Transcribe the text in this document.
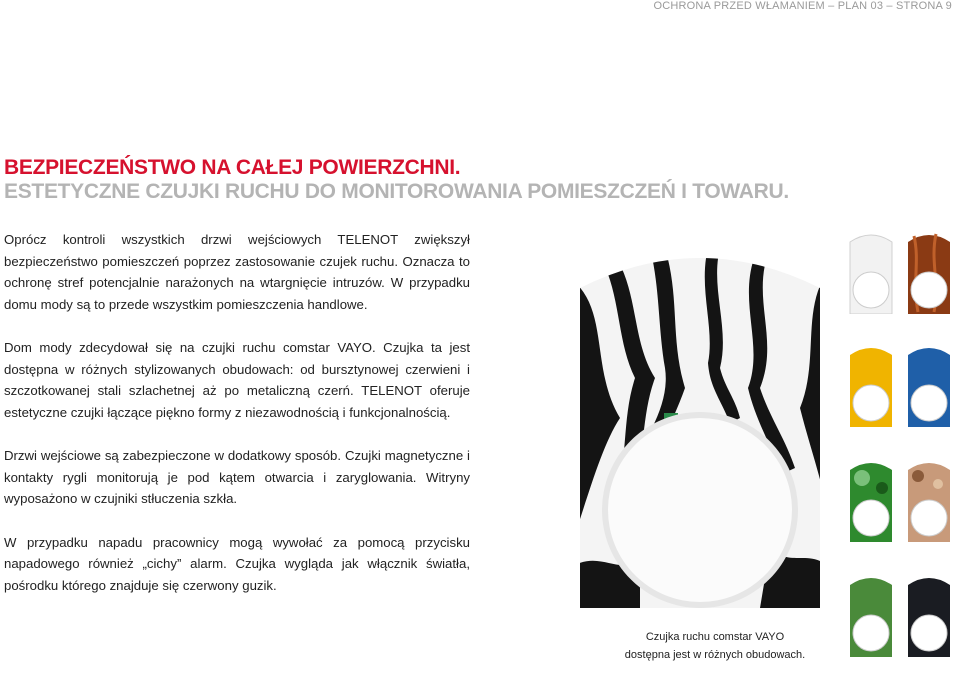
OCHRONA PRZED WŁAMANIEM – PLAN 03 – STRONA 9
BEZPIECZEŃSTWO NA CAŁEJ POWIERZCHNI.
ESTETYCZNE CZUJKI RUCHU DO MONITOROWANIA POMIESZCZEŃ I TOWARU.

Oprócz kontroli wszystkich drzwi wejściowych TELENOT zwiększył bezpieczeństwo pomieszczeń poprzez zastosowanie czujek ruchu. Oznacza to ochronę stref potencjalnie narażonych na wtargnięcie intruzów. W przypadku domu mody są to przede wszystkim pomieszczenia handlowe.

Dom mody zdecydował się na czujki ruchu comstar VAYO. Czujka ta jest dostępna w różnych stylizowanych obudowach: od bursztynowej czerwieni i szczotkowanej stali szlachetnej aż po metaliczną czerń. TELENOT oferuje estetyczne czujki łączące piękno formy z niezawodnością i funkcjonalnością.

Drzwi wejściowe są zabezpieczone w dodatkowy sposób. Czujki magnetyczne i kontakty rygli monitorują je pod kątem otwarcia i zaryglowania. Witryny wyposażono w czujniki stłuczenia szkła.

W przypadku napadu pracownicy mogą wywołać za pomocą przycisku napadowego również „cichy” alarm. Czujka wygląda jak włącznik światła, pośrodku którego znajduje się czerwony guzik.

Czujka ruchu comstar VAYO
dostępna jest w różnych obudowach.
